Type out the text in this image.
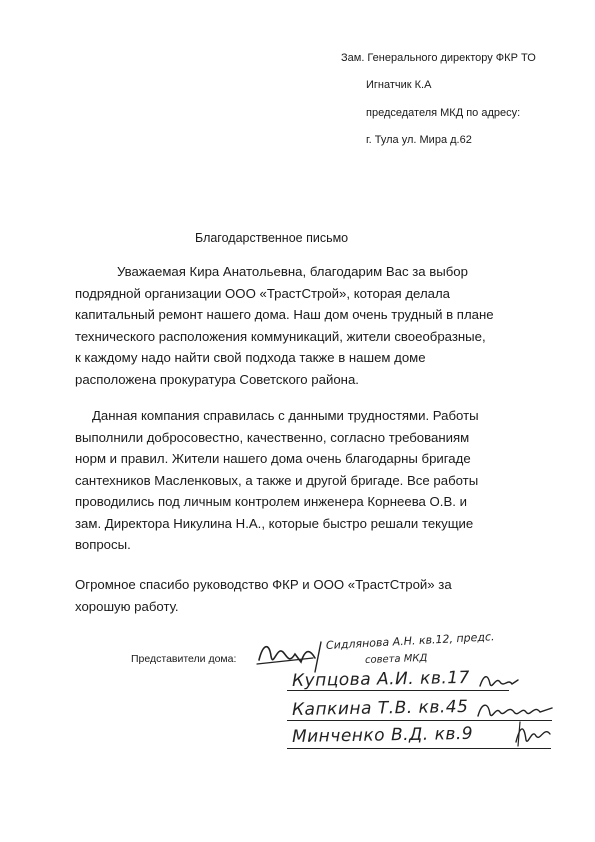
Зам. Генерального директору ФКР ТО
Игнатчик К.А
председателя МКД по адресу:
г. Тула ул. Мира д.62
Благодарственное письмо
Уважаемая Кира Анатольевна, благодарим Вас за выбор
подрядной организации ООО «ТрастСтрой», которая делала
капитальный ремонт нашего дома. Наш дом очень трудный в плане
технического расположения коммуникаций, жители своеобразные,
к каждому надо найти свой подхода также в нашем доме
расположена прокуратура Советского района.
Данная компания справилась с данными трудностями. Работы
выполнили добросовестно, качественно, согласно требованиям
норм и правил. Жители нашего дома очень благодарны бригаде
сантехников Масленковых, а также и другой бригаде. Все работы
проводились под личным контролем инженера Корнеева О.В. и
зам. Директора Никулина Н.А., которые быстро решали текущие
вопросы.
Огромное спасибо руководство ФКР и ООО «ТрастСтрой» за
хорошую работу.
Представители дома:
Сидлянова А.Н. кв.12, предс.
совета МКД
Купцова А.И. кв.17
Капкина Т.В. кв.45
Минченко В.Д. кв.9
